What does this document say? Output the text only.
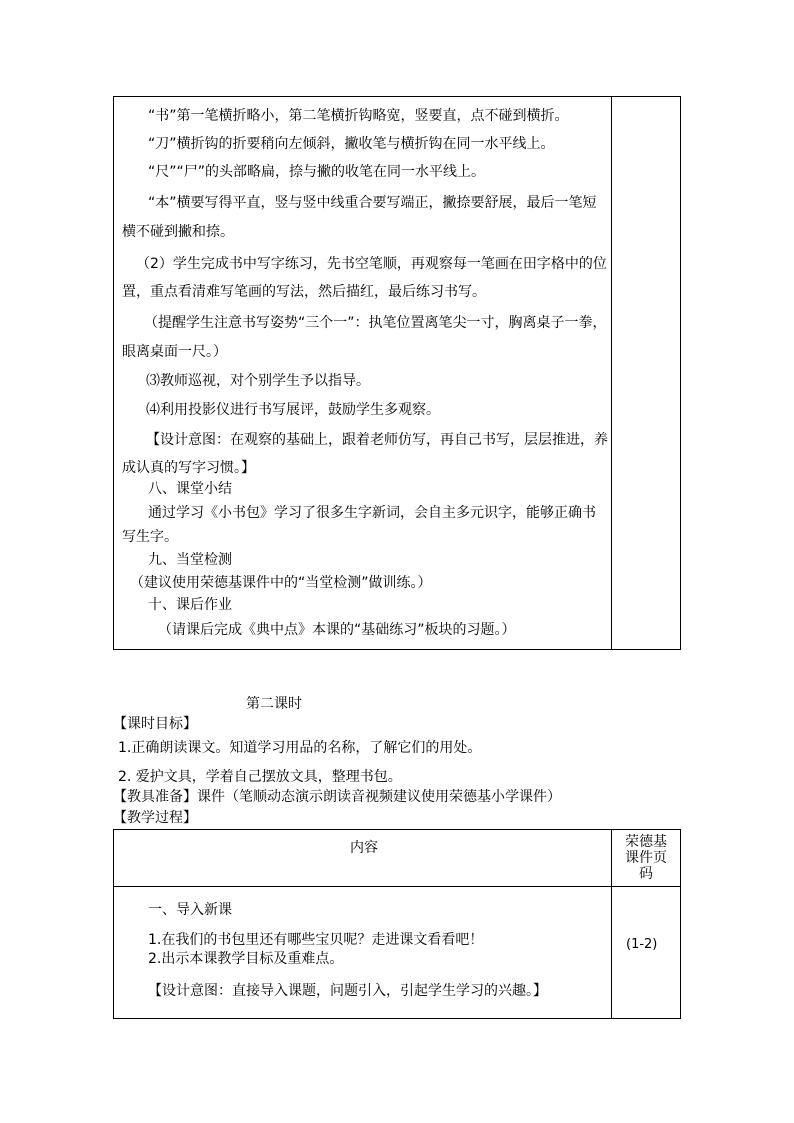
“书”第一笔横折略小，第二笔横折钩略宽，竖要直，点不碰到横折。
“刀”横折钩的折要稍向左倾斜，撇收笔与横折钩在同一水平线上。
“尺”“尸”的头部略扁，捺与撇的收笔在同一水平线上。
“本”横要写得平直，竖与竖中线重合要写端正，撇捺要舒展，最后一笔短
横不碰到撇和捺。
（2）学生完成书中写字练习，先书空笔顺，再观察每一笔画在田字格中的位
置，重点看清难写笔画的写法，然后描红，最后练习书写。
（提醒学生注意书写姿势“三个一”：执笔位置离笔尖一寸，胸离桌子一拳，
眼离桌面一尺。）
⑶教师巡视，对个别学生予以指导。
⑷利用投影仪进行书写展评，鼓励学生多观察。
【设计意图：在观察的基础上，跟着老师仿写，再自己书写，层层推进，养
成认真的写字习惯。】
八、课堂小结
通过学习《小书包》学习了很多生字新词，会自主多元识字，能够正确书
写生字。
九、当堂检测
（建议使用荣德基课件中的“当堂检测”做训练。）
十、课后作业
（请课后完成《典中点》本课的“基础练习”板块的习题。）
第二课时
【课时目标】
1.正确朗读课文。知道学习用品的名称，了解它们的用处。
2. 爱护文具，学着自己摆放文具，整理书包。
【教具准备】课件（笔顺动态演示朗读音视频建议使用荣德基小学课件）
【教学过程】
内容	荣德基
课件页
码
一、导入新课
1.在我们的书包里还有哪些宝贝呢？走进课文看看吧！
2.出示本课教学目标及重难点。
【设计意图：直接导入课题，问题引入，引起学生学习的兴趣。】
(1-2)
